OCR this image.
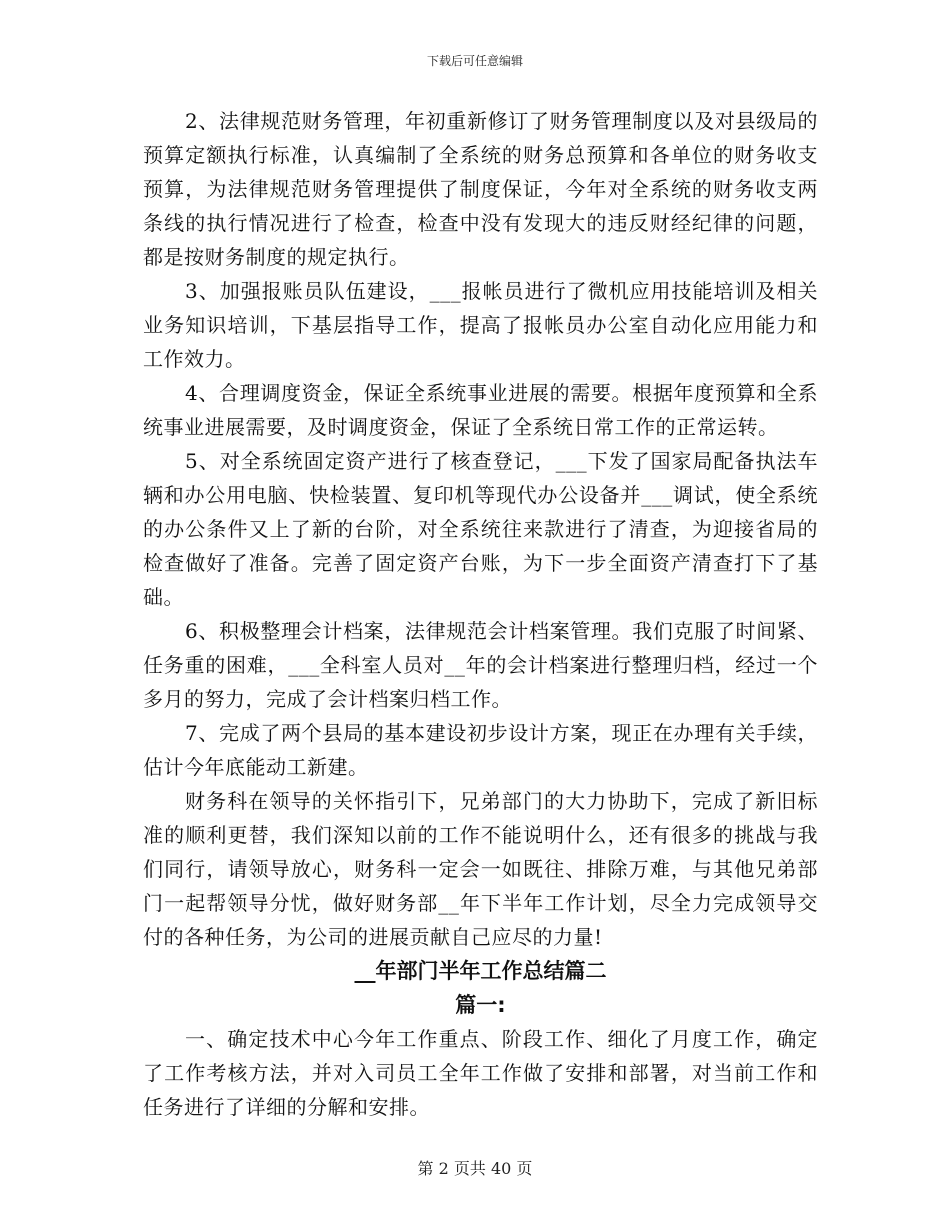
下载后可任意编辑

2、法律规范财务管理，年初重新修订了财务管理制度以及对县级局的预算定额执行标准，认真编制了全系统的财务总预算和各单位的财务收支预算，为法律规范财务管理提供了制度保证，今年对全系统的财务收支两条线的执行情况进行了检查，检查中没有发现大的违反财经纪律的问题，都是按财务制度的规定执行。

3、加强报账员队伍建设，___报帐员进行了微机应用技能培训及相关业务知识培训，下基层指导工作，提高了报帐员办公室自动化应用能力和工作效力。

4、合理调度资金，保证全系统事业进展的需要。根据年度预算和全系统事业进展需要，及时调度资金，保证了全系统日常工作的正常运转。

5、对全系统固定资产进行了核查登记，___下发了国家局配备执法车辆和办公用电脑、快检装置、复印机等现代办公设备并___调试，使全系统的办公条件又上了新的台阶，对全系统往来款进行了清查，为迎接省局的检查做好了准备。完善了固定资产台账，为下一步全面资产清查打下了基础。

6、积极整理会计档案，法律规范会计档案管理。我们克服了时间紧、任务重的困难，___全科室人员对__年的会计档案进行整理归档，经过一个多月的努力，完成了会计档案归档工作。

7、完成了两个县局的基本建设初步设计方案，现正在办理有关手续，估计今年底能动工新建。

财务科在领导的关怀指引下，兄弟部门的大力协助下，完成了新旧标准的顺利更替，我们深知以前的工作不能说明什么，还有很多的挑战与我们同行，请领导放心，财务科一定会一如既往、排除万难，与其他兄弟部门一起帮领导分忧，做好财务部__年下半年工作计划，尽全力完成领导交付的各种任务，为公司的进展贡献自己应尽的力量!

__年部门半年工作总结篇二
篇一:

一、确定技术中心今年工作重点、阶段工作、细化了月度工作，确定了工作考核方法，并对入司员工全年工作做了安排和部署，对当前工作和任务进行了详细的分解和安排。

第 2 页共 40 页
